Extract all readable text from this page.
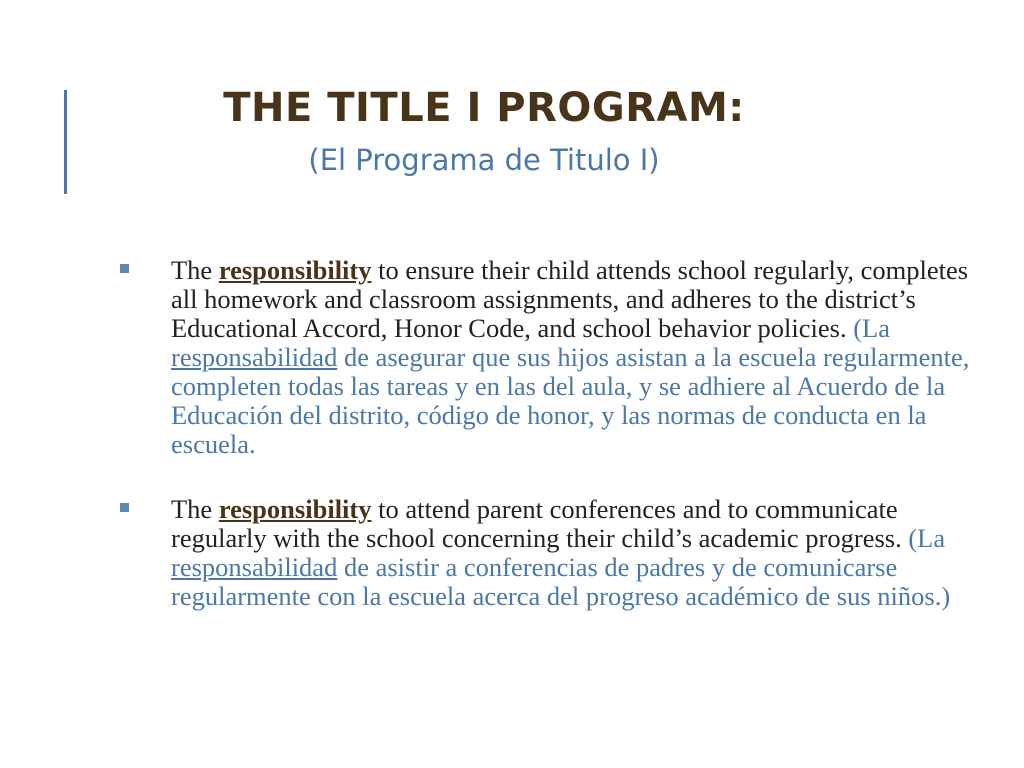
THE TITLE I PROGRAM:

(El Programa de Titulo I)

The responsibility to ensure their child attends school regularly, completes all homework and classroom assignments, and adheres to the district’s Educational Accord, Honor Code, and school behavior policies. (La responsabilidad de asegurar que sus hijos asistan a la escuela regularmente, completen todas las tareas y en las del aula, y se adhiere al Acuerdo de la Educación del distrito, código de honor, y las normas de conducta en la escuela.
The responsibility to attend parent conferences and to communicate regularly with the school concerning their child’s academic progress. (La responsabilidad de asistir a conferencias de padres y de comunicarse regularmente con la escuela acerca del progreso académico de sus niños.)
